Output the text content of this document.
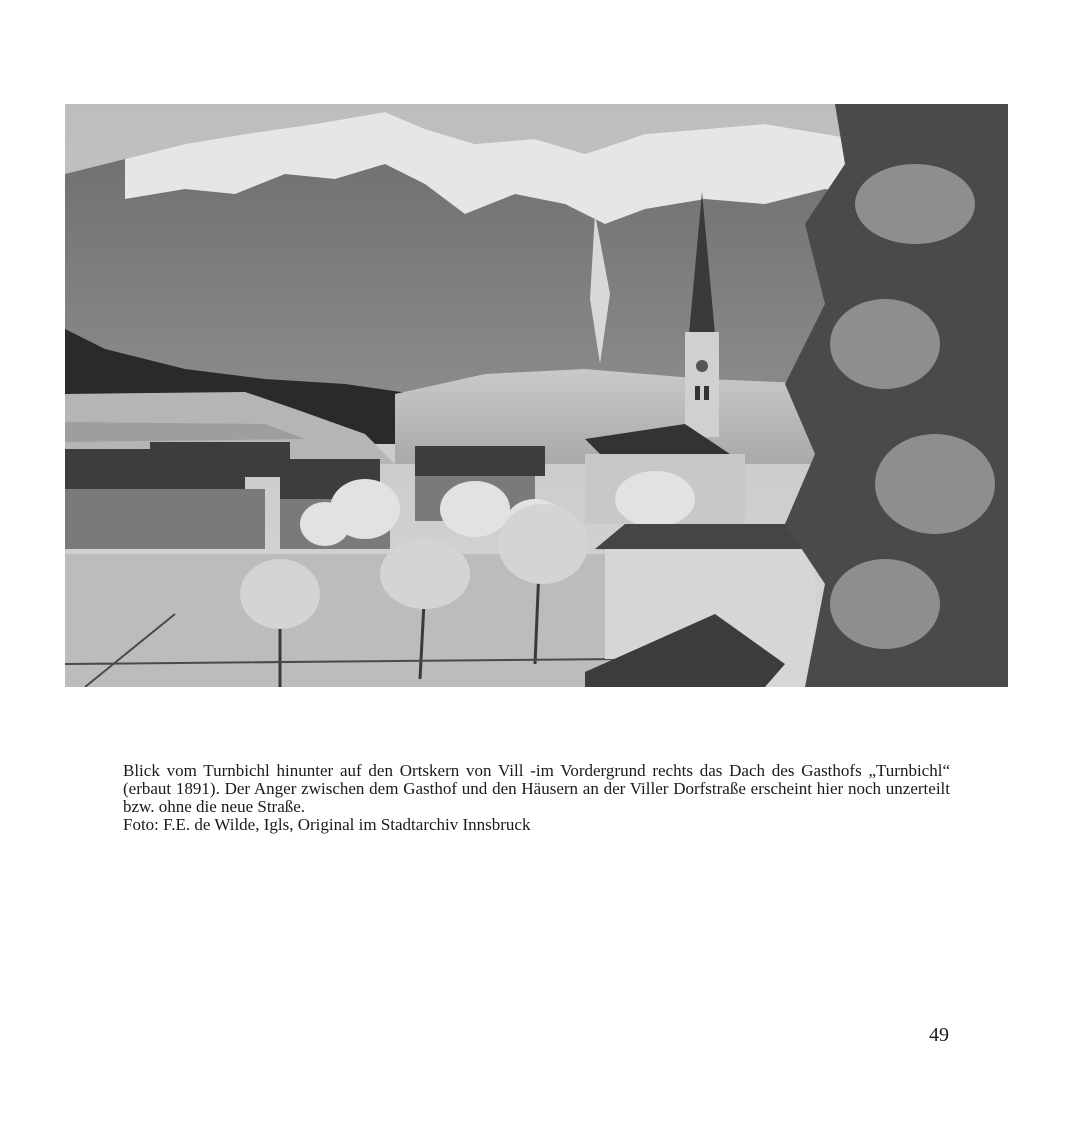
Blick vom Turnbichl hinunter auf den Ortskern von Vill -im Vordergrund rechts das Dach des Gasthofs „Turnbichl“ (erbaut 1891). Der Anger zwischen dem Gasthof und den Häusern an der Viller Dorfstraße erscheint hier noch unzerteilt bzw. ohne die neue Straße.

Foto: F.E. de Wilde, Igls, Original im Stadtarchiv Innsbruck

49
